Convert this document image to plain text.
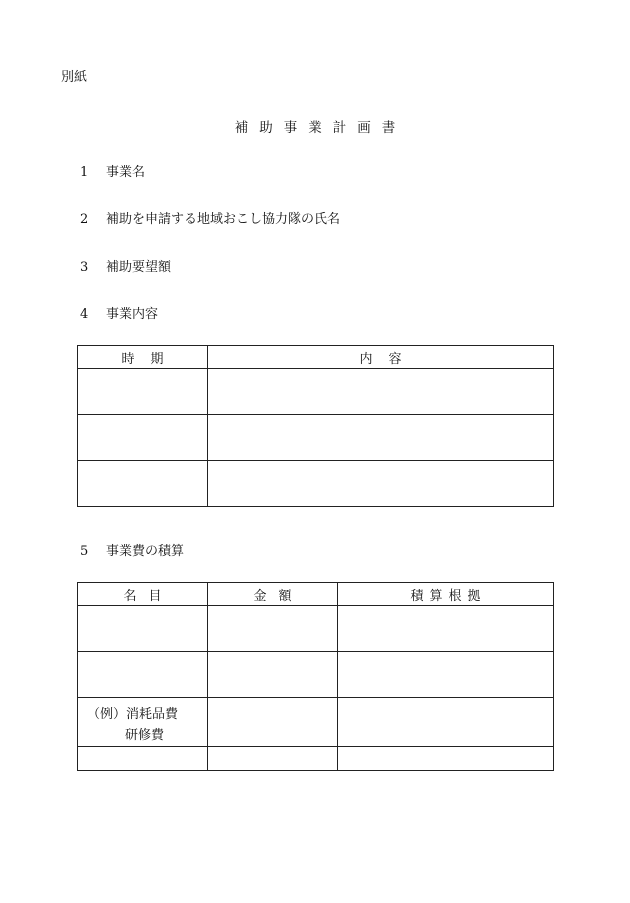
別紙
補助事業計画書
1 事業名
2 補助を申請する地域おこし協力隊の氏名
3 補助要望額
4 事業内容
時期	内容

5 事業費の積算
名目	金額	積算根拠

（例）消耗品費
研修費		
